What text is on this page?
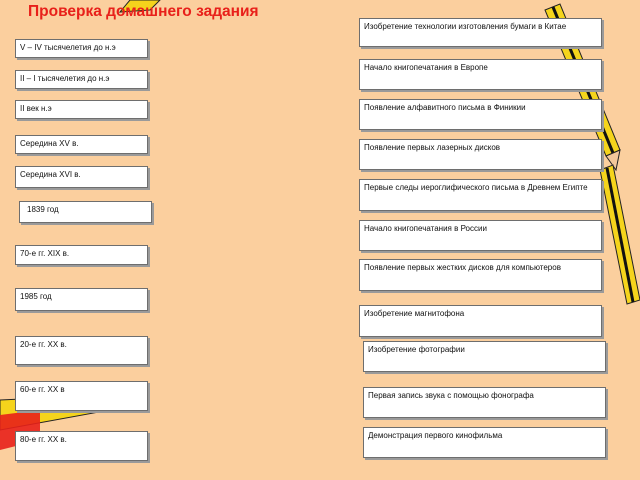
Проверка домашнего задания
V – IV тысячелетия до н.э
II – I тысячелетия до н.э
II век н.э
Середина XV в.
Середина XVI в.
1839 год
70-е гг. XIX в.
1985 год
20-е гг. XX в.
60-е гг. XX в
80-е гг. XX в.
Изобретение технологии изготовления бумаги в Китае
Начало книгопечатания в Европе
Появление алфавитного письма в Финикии
Появление первых лазерных дисков
Первые следы иероглифического письма в Древнем Египте
Начало книгопечатания в России
Появление первых жестких дисков для компьютеров
Изобретение магнитофона
Изобретение фотографии
Первая запись звука с помощью фонографа
Демонстрация первого кинофильма
